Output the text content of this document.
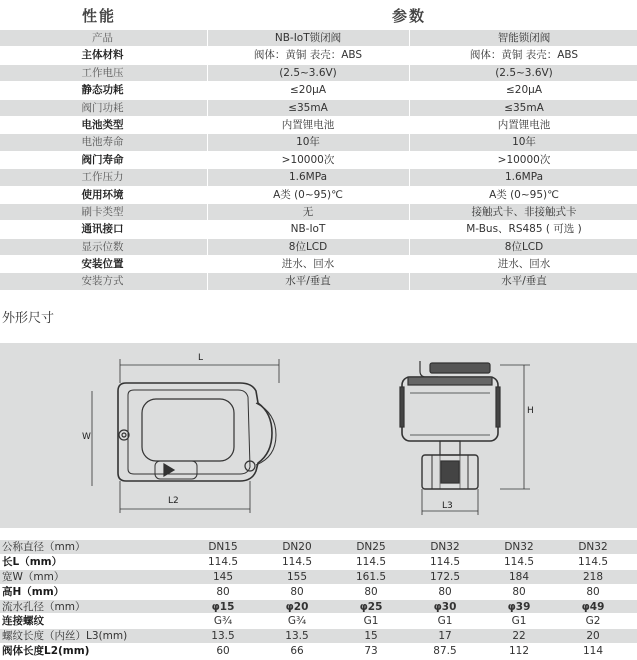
性能	参数
产品	NB-IoT锁闭阀	智能锁闭阀
主体材料	阀体：黄铜 表壳：ABS	阀体：黄铜 表壳：ABS
工作电压	(2.5~3.6V)	(2.5~3.6V)
静态功耗	≤20μA	≤20μA
阀门功耗	≤35mA	≤35mA
电池类型	内置锂电池	内置锂电池
电池寿命	10年	10年
阀门寿命	>10000次	>10000次
工作压力	1.6MPa	1.6MPa
使用环境	A类 (0~95)℃	A类 (0~95)℃
刷卡类型	无	接触式卡、非接触式卡
通讯接口	NB-IoT	M-Bus、RS485 ( 可选 )
显示位数	8位LCD	8位LCD
安装位置	进水、回水	进水、回水
安装方式	水平/垂直	水平/垂直
外形尺寸
L
W
L2
H
L3
公称直径（mm）	DN15	DN20	DN25	DN32	DN32	DN32
长L（mm）	114.5	114.5	114.5	114.5	114.5	114.5
宽W（mm）	145	155	161.5	172.5	184	218
高H（mm）	80	80	80	80	80	80
流水孔径（mm）	φ15	φ20	φ25	φ30	φ39	φ49
连接螺纹	G¾	G¾	G1	G1	G1	G2
螺纹长度（内丝）L3(mm)	13.5	13.5	15	17	22	20
阀体长度L2(mm)	60	66	73	87.5	112	114
